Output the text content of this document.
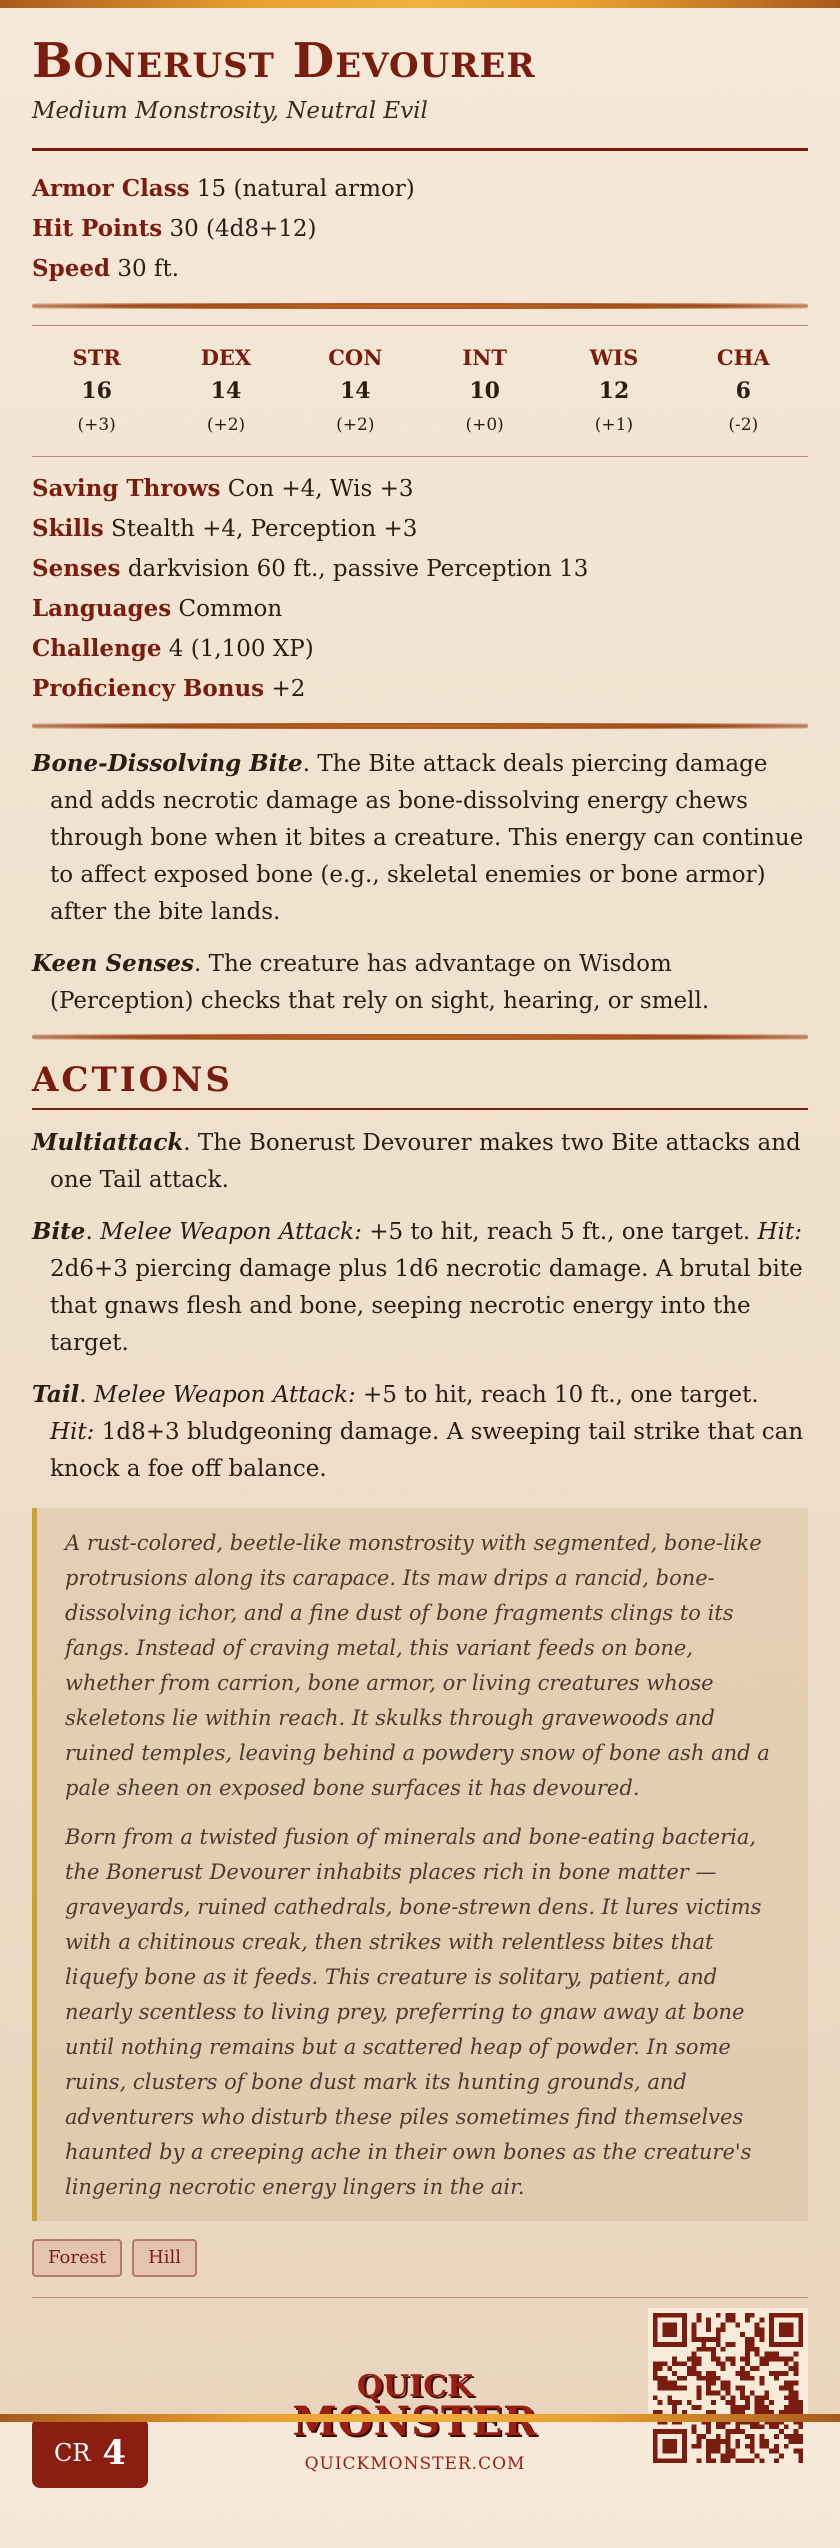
Bonerust Devourer

Medium Monstrosity, Neutral Evil

Armor Class 15 (natural armor)
Hit Points 30 (4d8+12)
Speed 30 ft.
STR
16
(+3)
DEX
14
(+2)
CON
14
(+2)
INT
10
(+0)
WIS
12
(+1)
CHA
6
(-2)
Saving Throws Con +4, Wis +3
Skills Stealth +4, Perception +3
Senses darkvision 60 ft., passive Perception 13
Languages Common
Challenge 4 (1,100 XP)
Proficiency Bonus +2

Bone-Dissolving Bite. The Bite attack deals piercing damage and adds necrotic damage as bone-dissolving energy chews through bone when it bites a creature. This energy can continue to affect exposed bone (e.g., skeletal enemies or bone armor) after the bite lands.

Keen Senses. The creature has advantage on Wisdom (Perception) checks that rely on sight, hearing, or smell.

ACTIONS

Multiattack. The Bonerust Devourer makes two Bite attacks and one Tail attack.

Bite. Melee Weapon Attack: +5 to hit, reach 5 ft., one target. Hit: 2d6+3 piercing damage plus 1d6 necrotic damage. A brutal bite that gnaws flesh and bone, seeping necrotic energy into the target.

Tail. Melee Weapon Attack: +5 to hit, reach 10 ft., one target. Hit: 1d8+3 bludgeoning damage. A sweeping tail strike that can knock a foe off balance.

A rust-colored, beetle-like monstrosity with segmented, bone-like protrusions along its carapace. Its maw drips a rancid, bone-dissolving ichor, and a fine dust of bone fragments clings to its fangs. Instead of craving metal, this variant feeds on bone, whether from carrion, bone armor, or living creatures whose skeletons lie within reach. It skulks through gravewoods and ruined temples, leaving behind a powdery snow of bone ash and a pale sheen on exposed bone surfaces it has devoured.

Born from a twisted fusion of minerals and bone-eating bacteria, the Bonerust Devourer inhabits places rich in bone matter — graveyards, ruined cathedrals, bone-strewn dens. It lures victims with a chitinous creak, then strikes with relentless bites that liquefy bone as it feeds. This creature is solitary, patient, and nearly scentless to living prey, preferring to gnaw away at bone until nothing remains but a scattered heap of powder. In some ruins, clusters of bone dust mark its hunting grounds, and adventurers who disturb these piles sometimes find themselves haunted by a creeping ache in their own bones as the creature's lingering necrotic energy lingers in the air.

Forest	Hill
CR 4
QUICK
QUICKMONSTER.COM
